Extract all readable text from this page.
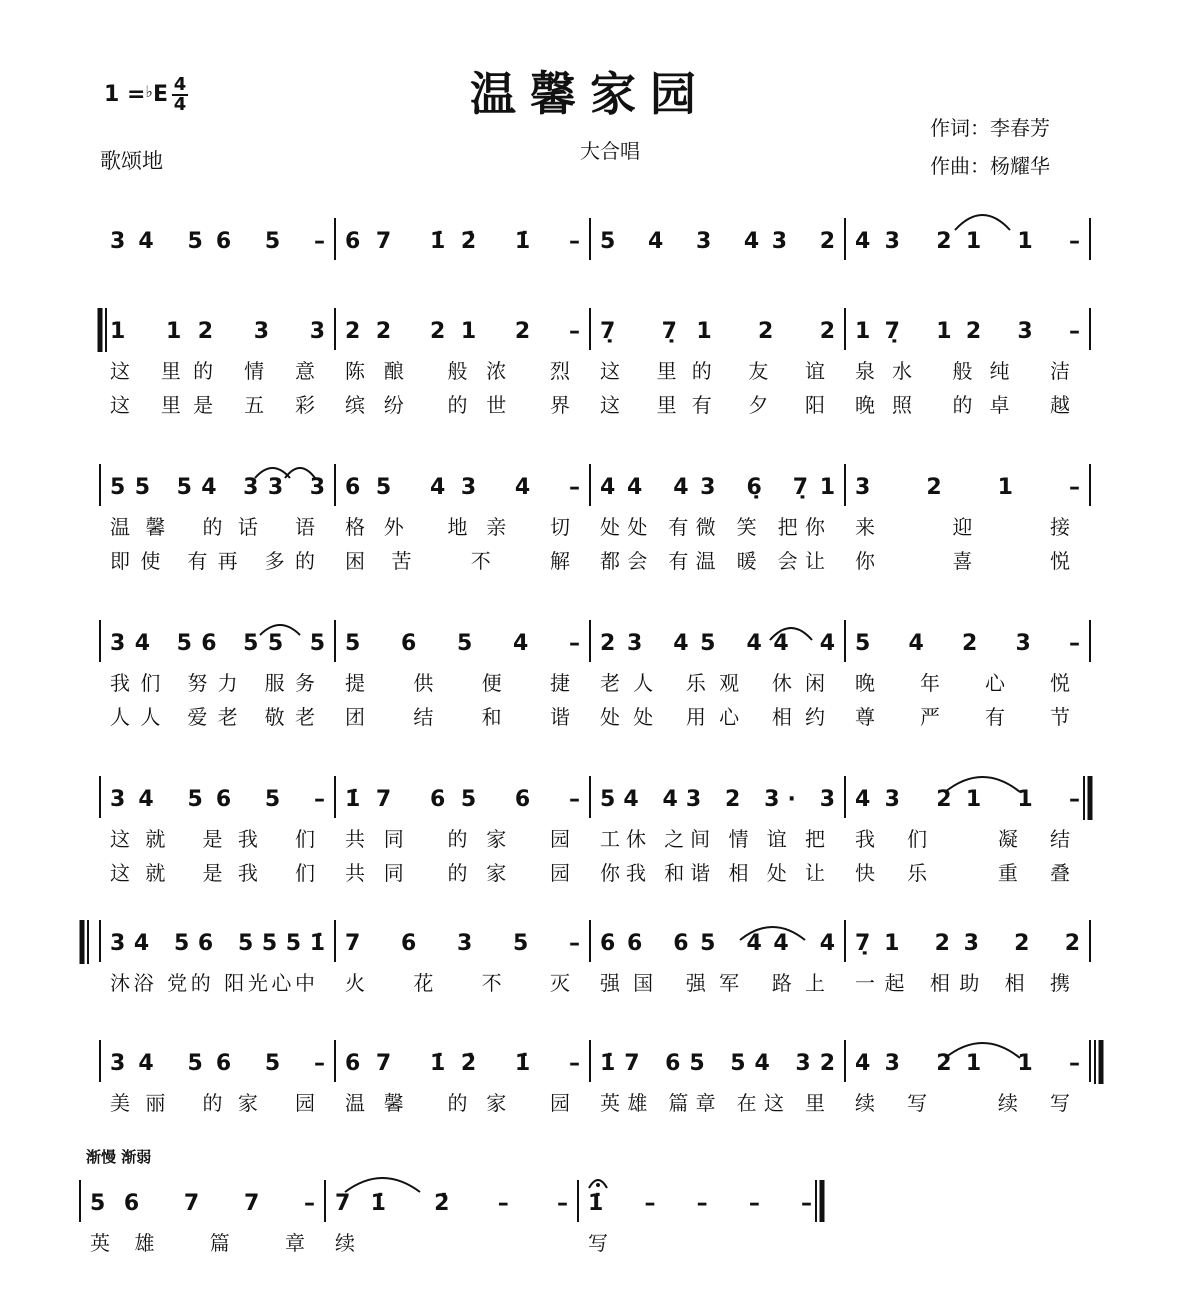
温馨家园
$1 =^♭E \frac{4}{4}$
歌颂地	大合唱
作词：李春芳
作曲：杨耀华
渐慢 渐弱
34 56 5 – 67 1̇2̇ 1̇ – 5 4 3 43 2 43 21 1 –
1 12 3 3 22 21 2 – 7̣ 7̣1 2 2 17̣ 12 3 –
这 里的 情 意 陈酿 般浓 烈 这 里的 友 谊 泉水 般纯 洁
这 里是 五 彩 缤纷 的世 界 这 里有 夕 阳 晚照 的卓 越
55 54 33 3 65 43 4 – 44 43 6̣ 7̣1 3 2 1 –
温馨 的话 语 格外 地亲 切 处处 有微 笑 把你 来 迎 接
即使 有再 多的 困苦 不 解 都会 有温 暖 会让 你 喜 悦
34 56 55 5 5 6 5 4 – 23 45 44 4 5 4 2 3 –
我们 努力 服务 提 供 便 捷 老人 乐观 休闲 晚 年 心 悦
人人 爱老 敬老 团 结 和 谐 处处 用心 相约 尊 严 有 节
34 56 5 – 1̇7 65 6 – 54 43 2 3· 3 43 21 1 –
这就 是我 们 共同 的家 园 工休 之间 情 谊 把 我们 凝结
这就 是我 们 共同 的家 园 你我 和谐 相 处 让 快乐 重叠
34 56 5551̇ 7 6 3 5 – 66 65 44 4 7̣1 23 2 2
沐浴 党的 阳光心中 火 花 不 灭 强国 强军 路上 一起 相助 相 携
34 56 5 – 67 1̇2̇ 1̇ – 1̇7 65 54 32 43 21 1 –
美丽 的家 园 温馨 的家 园 英雄 篇章 在这 里 续写 续写
56 7 7 – 71̇ 2̇ – – 1̇ – – – –
英雄 篇 章 续	写
